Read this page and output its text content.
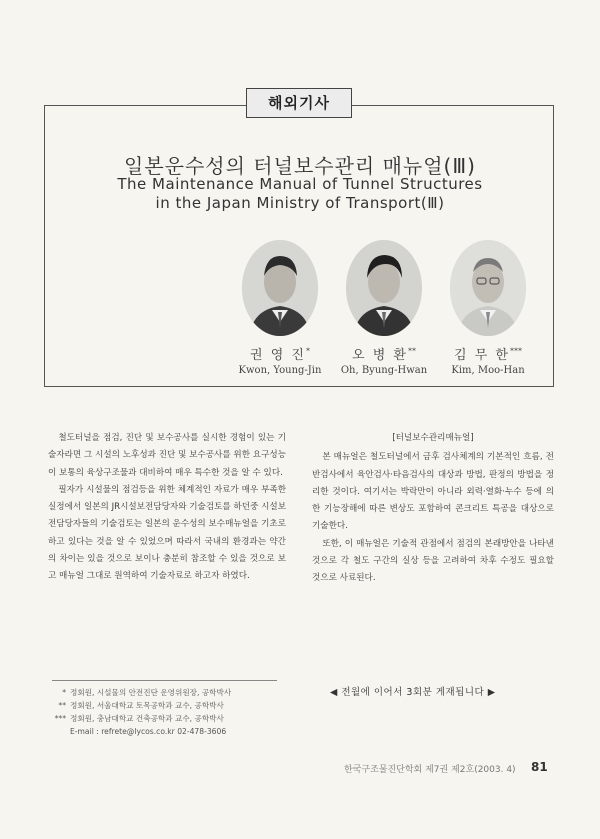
해외기사
일본운수성의 터널보수관리 매뉴얼(Ⅲ)
The Maintenance Manual of Tunnel Structures
in the Japan Ministry of Transport(Ⅲ)
권 영 진*
Kwon, Young-Jin
오 병 환**
Oh, Byung-Hwan
김 무 한***
Kim, Moo-Han

철도터널을 점검, 진단 및 보수공사를 실시한 경험이 있는 기술자라면 그 시설의 노후성과 진단 및 보수공사를 위한 요구성능이 보통의 육상구조물과 대비하여 매우 특수한 것을 알 수 있다.

필자가 시설물의 점검등을 위한 체계적인 자료가 매우 부족한 실정에서 일본의 JR시설보전담당자와 기술검토를 하던중 시설보전담당자들의 기술검토는 일본의 운수성의 보수매뉴얼을 기초로 하고 있다는 것을 알 수 있었으며 따라서 국내의 환경과는 약간의 차이는 있을 것으로 보이나 충분히 참조할 수 있을 것으로 보고 매뉴얼 그대로 원역하여 기술자료로 하고자 하였다.

[터널보수관리매뉴얼]

본 매뉴얼은 철도터널에서 금후 검사체계의 기본적인 흐름, 전반검사에서 육안검사·타음검사의 대상과 방법, 판정의 방법을 정리한 것이다. 여기서는 박락만이 아니라 외력·열화·누수 등에 의한 기능장해에 따른 변상도 포함하여 콘크리트 특공을 대상으로 기술한다.

또한, 이 매뉴얼은 기술적 관점에서 점검의 본래방안을 나타낸 것으로 각 철도 구간의 실상 등을 고려하여 차후 수정도 필요할 것으로 사료된다.

* 정회원, 시설물의 안전진단 운영위원장, 공학박사
** 정회원, 서울대학교 토목공학과 교수, 공학박사
*** 정회원, 충남대학교 건축공학과 교수, 공학박사
E-mail : refrete@lycos.co.kr 02-478-3606
◀ 전월에 이어서 3회분 게재됩니다 ▶
한국구조물진단학회 제7권 제2호(2003. 4) 81
